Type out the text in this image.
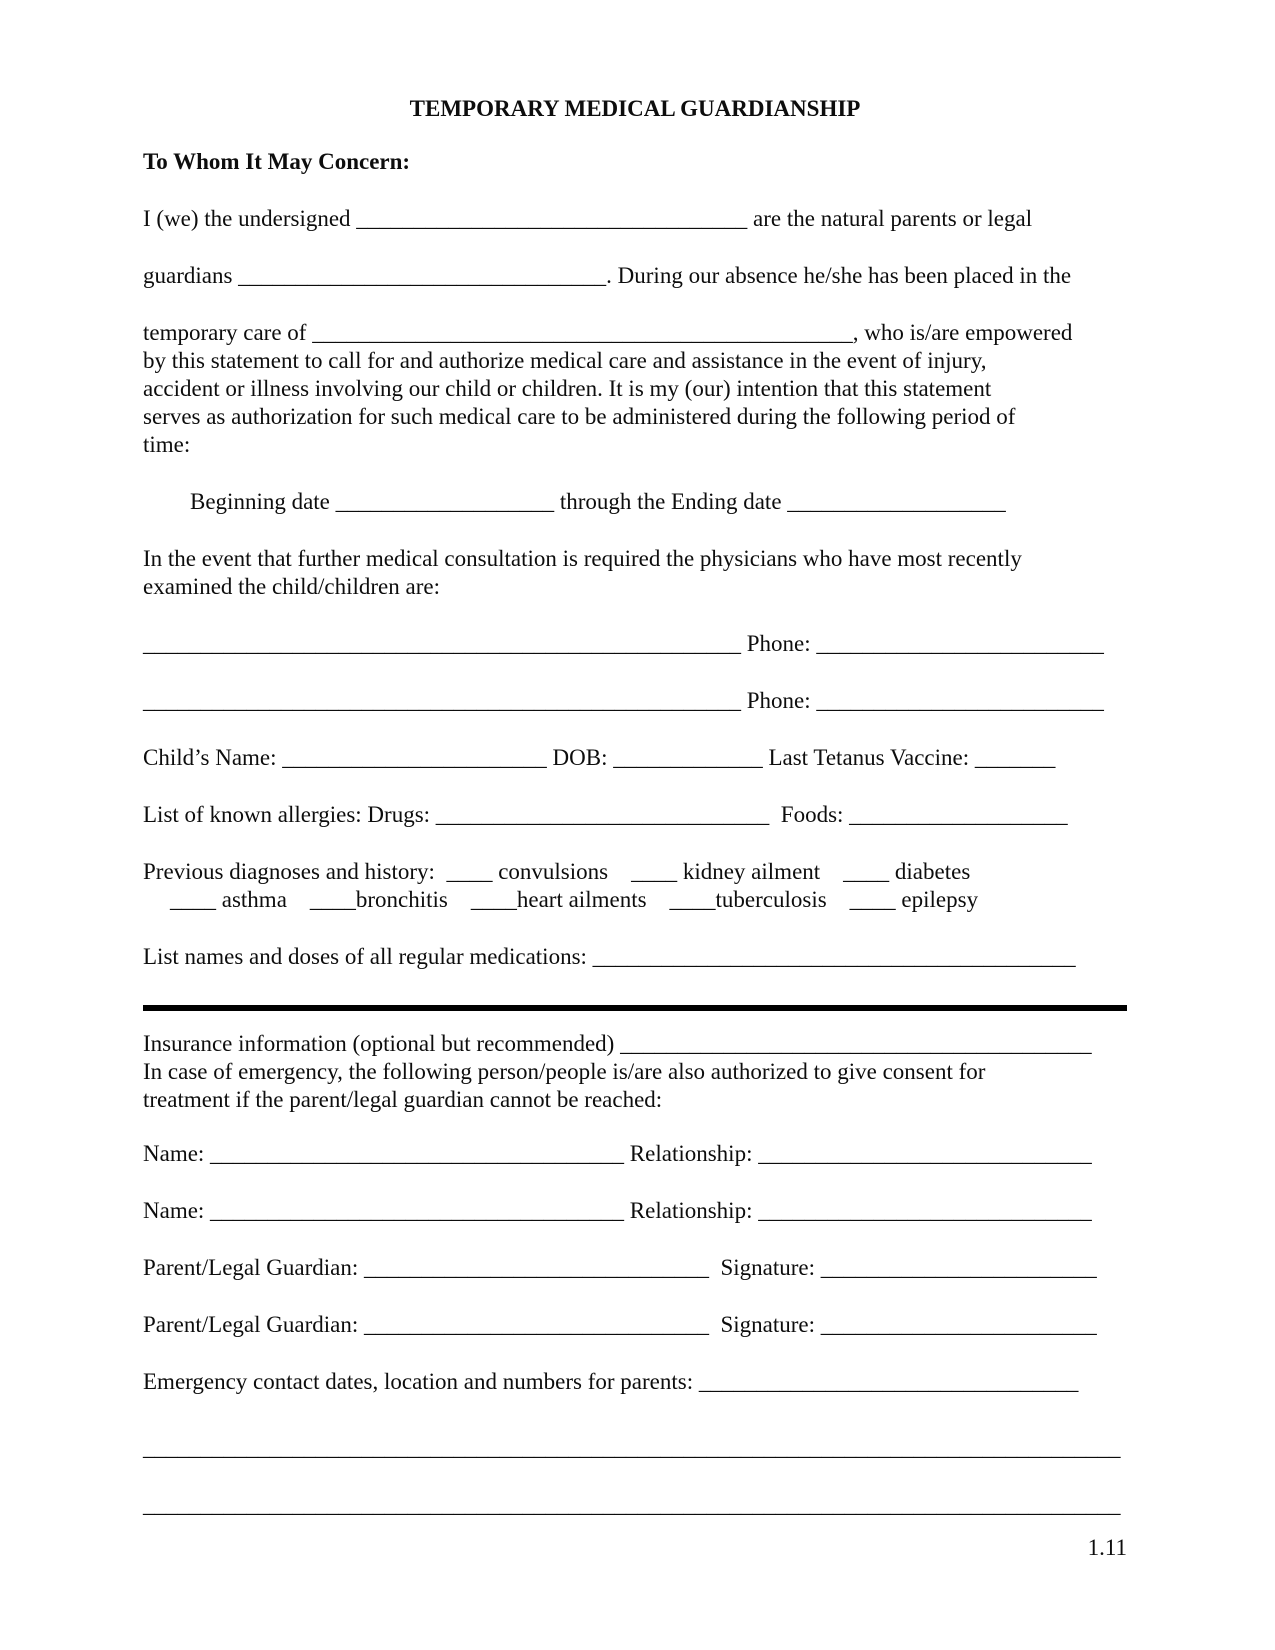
TEMPORARY MEDICAL GUARDIANSHIP
To Whom It May Concern:
I (we) the undersigned __________________________________ are the natural parents or legal
guardians ________________________________. During our absence he/she has been placed in the
temporary care of _______________________________________________, who is/are empowered
by this statement to call for and authorize medical care and assistance in the event of injury,
accident or illness involving our child or children. It is my (our) intention that this statement
serves as authorization for such medical care to be administered during the following period of
time:
Beginning date ___________________ through the Ending date ___________________
In the event that further medical consultation is required the physicians who have most recently
examined the child/children are:
____________________________________________________ Phone: _________________________
____________________________________________________ Phone: _________________________
Child’s Name: _______________________ DOB: _____________ Last Tetanus Vaccine: _______
List of known allergies: Drugs: _____________________________  Foods: ___________________
Previous diagnoses and history:  ____ convulsions    ____ kidney ailment    ____ diabetes
____ asthma    ____bronchitis    ____heart ailments    ____tuberculosis    ____ epilepsy
List names and doses of all regular medications: __________________________________________
Insurance information (optional but recommended) _________________________________________
In case of emergency, the following person/people is/are also authorized to give consent for
treatment if the parent/legal guardian cannot be reached:
Name: ____________________________________ Relationship: _____________________________
Name: ____________________________________ Relationship: _____________________________
Parent/Legal Guardian: ______________________________  Signature: ________________________
Parent/Legal Guardian: ______________________________  Signature: ________________________
Emergency contact dates, location and numbers for parents: _________________________________
_____________________________________________________________________________________
_____________________________________________________________________________________
1.11
